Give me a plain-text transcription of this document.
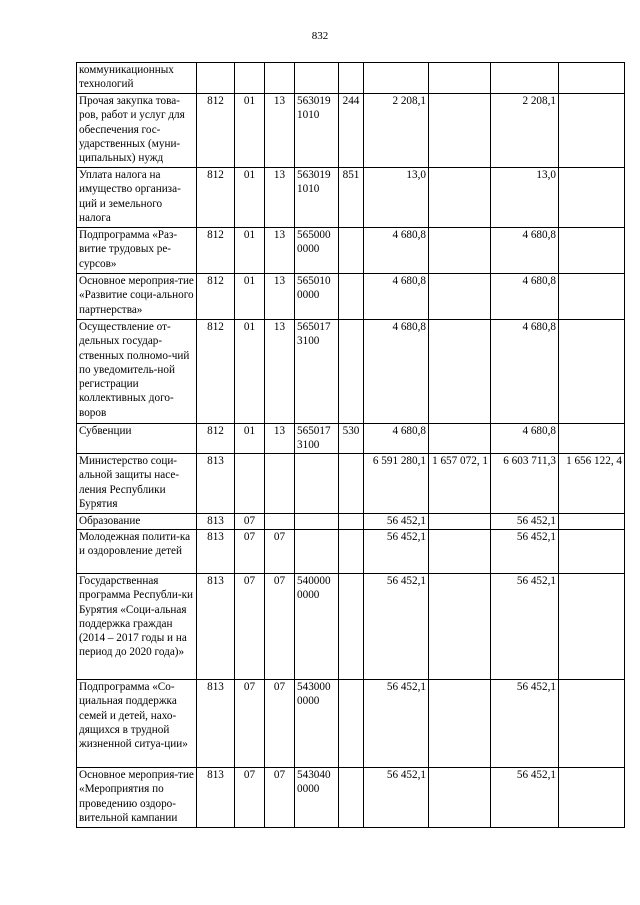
832
коммуникационных технологий									
Прочая закупка това-ров, работ и услуг для обеспечения гос-ударственных (муни-ципальных) нужд	812	01	13	563019 1010	244	2 208,1		2 208,1	
Уплата налога на имущество организа-ций и земельного налога	812	01	13	563019 1010	851	13,0		13,0	
Подпрограмма «Раз-витие трудовых ре-сурсов»	812	01	13	565000 0000		4 680,8		4 680,8	
Основное мероприя-тие «Развитие соци-ального партнерства»	812	01	13	565010 0000		4 680,8		4 680,8	
Осуществление от-дельных государ-ственных полномо-чий по уведомитель-ной регистрации коллективных дого-воров	812	01	13	565017 3100		4 680,8		4 680,8	
Субвенции	812	01	13	565017 3100	530	4 680,8		4 680,8	
Министерство соци-альной защиты насе-ления Республики Бурятия	813					6 591 280,1	1 657 072, 1	6 603 711,3	1 656 122, 4
Образование	813	07				56 452,1		56 452,1	
Молодежная полити-ка и оздоровление детей	813	07	07			56 452,1		56 452,1	
Государственная программа Республи-ки Бурятия «Соци-альная поддержка граждан (2014 – 2017 годы и на период до 2020 года)»	813	07	07	540000 0000		56 452,1		56 452,1	
Подпрограмма «Со-циальная поддержка семей и детей, нахо-дящихся в трудной жизненной ситуа-ции»	813	07	07	543000 0000		56 452,1		56 452,1	
Основное мероприя-тие «Мероприятия по проведению оздоро-вительной кампании	813	07	07	543040 0000		56 452,1		56 452,1	
